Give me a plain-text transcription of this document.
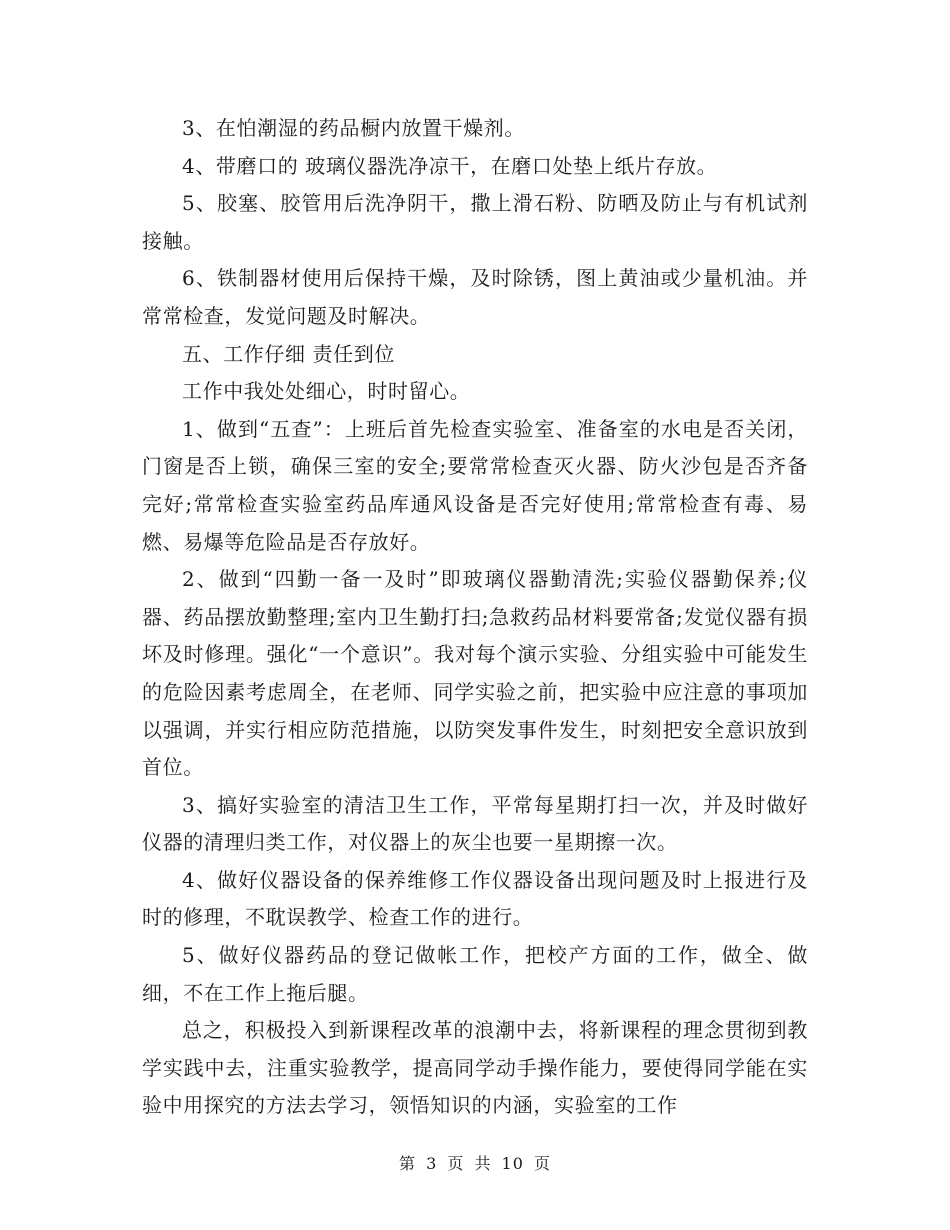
3、在怕潮湿的药品橱内放置干燥剂。

4、带磨口的 玻璃仪器洗净凉干，在磨口处垫上纸片存放。

5、胶塞、胶管用后洗净阴干，撒上滑石粉、防晒及防止与有机试剂接触。

6、铁制器材使用后保持干燥，及时除锈，图上黄油或少量机油。并常常检查，发觉问题及时解决。

五、工作仔细 责任到位

工作中我处处细心，时时留心。

1、做到“五查”：上班后首先检查实验室、准备室的水电是否关闭，门窗是否上锁，确保三室的安全;要常常检查灭火器、防火沙包是否齐备完好;常常检查实验室药品库通风设备是否完好使用;常常检查有毒、易燃、易爆等危险品是否存放好。

2、做到“四勤一备一及时”即玻璃仪器勤清洗;实验仪器勤保养;仪器、药品摆放勤整理;室内卫生勤打扫;急救药品材料要常备;发觉仪器有损坏及时修理。强化“一个意识”。我对每个演示实验、分组实验中可能发生的危险因素考虑周全，在老师、同学实验之前，把实验中应注意的事项加以强调，并实行相应防范措施，以防突发事件发生，时刻把安全意识放到首位。

3、搞好实验室的清洁卫生工作，平常每星期打扫一次，并及时做好仪器的清理归类工作，对仪器上的灰尘也要一星期擦一次。

4、做好仪器设备的保养维修工作仪器设备出现问题及时上报进行及时的修理，不耽误教学、检查工作的进行。

5、做好仪器药品的登记做帐工作，把校产方面的工作，做全、做细，不在工作上拖后腿。

总之，积极投入到新课程改革的浪潮中去，将新课程的理念贯彻到教学实践中去，注重实验教学，提高同学动手操作能力，要使得同学能在实验中用探究的方法去学习，领悟知识的内涵，实验室的工作

第 3 页 共 10 页
